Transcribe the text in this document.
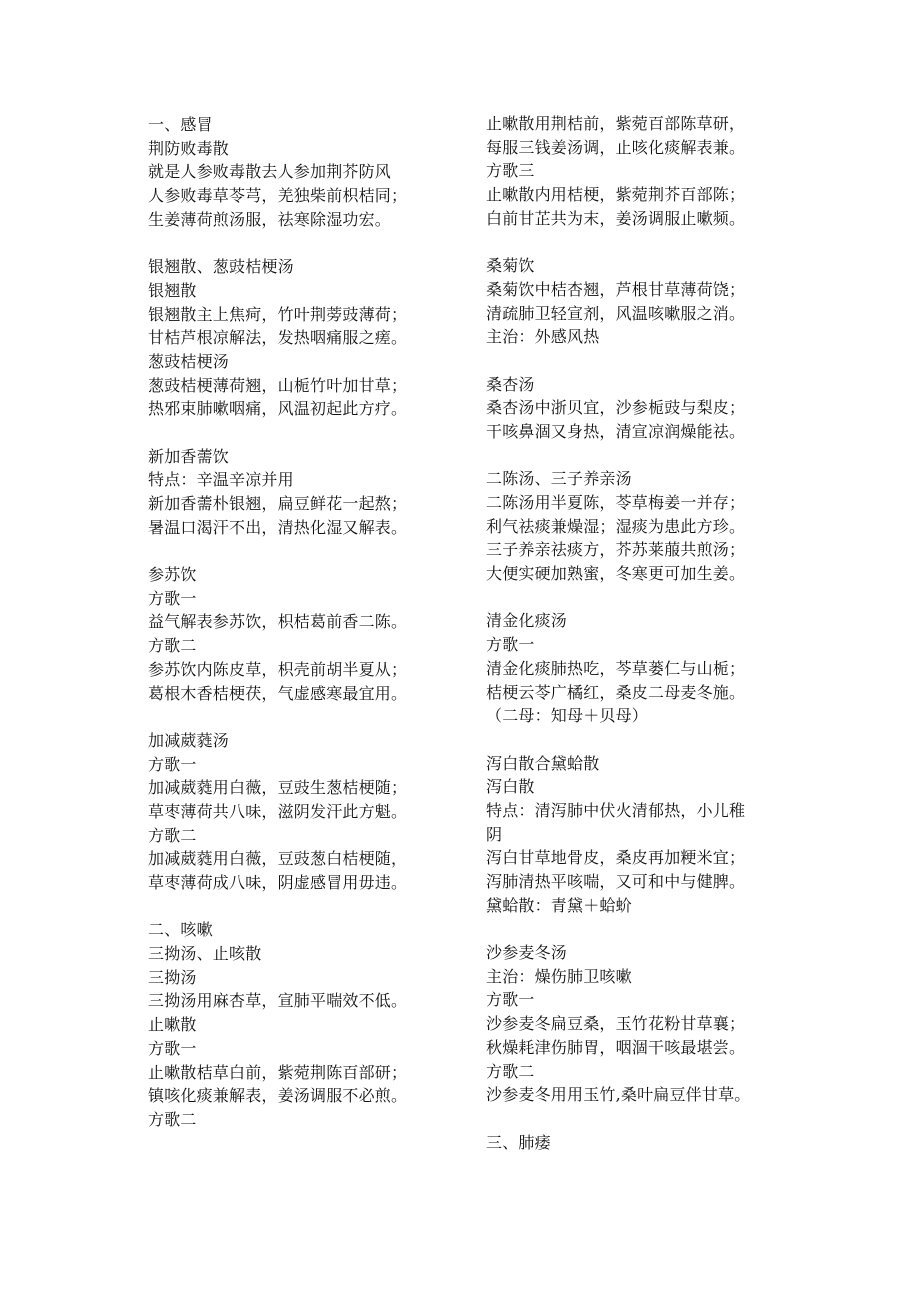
一、感冒
荆防败毒散
就是人参败毒散去人参加荆芥防风
人参败毒草苓芎，羌独柴前枳桔同；
生姜薄荷煎汤服，祛寒除湿功宏。
银翘散、葱豉桔梗汤
银翘散
银翘散主上焦疴，竹叶荆蒡豉薄荷；
甘桔芦根凉解法，发热咽痛服之瘥。
葱豉桔梗汤
葱豉桔梗薄荷翘，山栀竹叶加甘草；
热邪束肺嗽咽痛，风温初起此方疗。
新加香薷饮
特点：辛温辛凉并用
新加香薷朴银翘，扁豆鲜花一起熬；
暑温口渴汗不出，清热化湿又解表。
参苏饮
方歌一
益气解表参苏饮，枳桔葛前香二陈。
方歌二
参苏饮内陈皮草，枳壳前胡半夏从；
葛根木香桔梗茯，气虚感寒最宜用。
加减葳蕤汤
方歌一
加减葳蕤用白薇，豆豉生葱桔梗随；
草枣薄荷共八味，滋阴发汗此方魁。
方歌二
加减葳蕤用白薇，豆豉葱白桔梗随，
草枣薄荷成八味，阴虚感冒用毋违。
二、咳嗽
三拗汤、止咳散
三拗汤
三拗汤用麻杏草，宣肺平喘效不低。
止嗽散
方歌一
止嗽散桔草白前，紫菀荆陈百部研；
镇咳化痰兼解表，姜汤调服不必煎。
方歌二
止嗽散用荆桔前，紫菀百部陈草研，
每服三钱姜汤调，止咳化痰解表兼。
方歌三
止嗽散内用桔梗，紫菀荆芥百部陈；
白前甘芷共为末，姜汤调服止嗽频。
桑菊饮
桑菊饮中桔杏翘，芦根甘草薄荷饶；
清疏肺卫轻宣剂，风温咳嗽服之消。
主治：外感风热
桑杏汤
桑杏汤中浙贝宜，沙参栀豉与梨皮；
干咳鼻涸又身热，清宣凉润燥能祛。
二陈汤、三子养亲汤
二陈汤用半夏陈，苓草梅姜一并存；
利气祛痰兼燥湿；湿痰为患此方珍。
三子养亲祛痰方，芥苏莱菔共煎汤；
大便实硬加熟蜜，冬寒更可加生姜。
清金化痰汤
方歌一
清金化痰肺热吃，芩草蒌仁与山栀；
桔梗云苓广橘红，桑皮二母麦冬施。
（二母：知母＋贝母）
泻白散合黛蛤散
泻白散
特点：清泻肺中伏火清郁热，小儿稚
阴
泻白甘草地骨皮，桑皮再加粳米宜；
泻肺清热平咳喘，又可和中与健脾。
黛蛤散：青黛＋蛤蚧
沙参麦冬汤
主治：燥伤肺卫咳嗽
方歌一
沙参麦冬扁豆桑，玉竹花粉甘草襄；
秋燥耗津伤肺胃，咽涸干咳最堪尝。
方歌二
沙参麦冬用用玉竹,桑叶扁豆伴甘草。
三、肺痿
